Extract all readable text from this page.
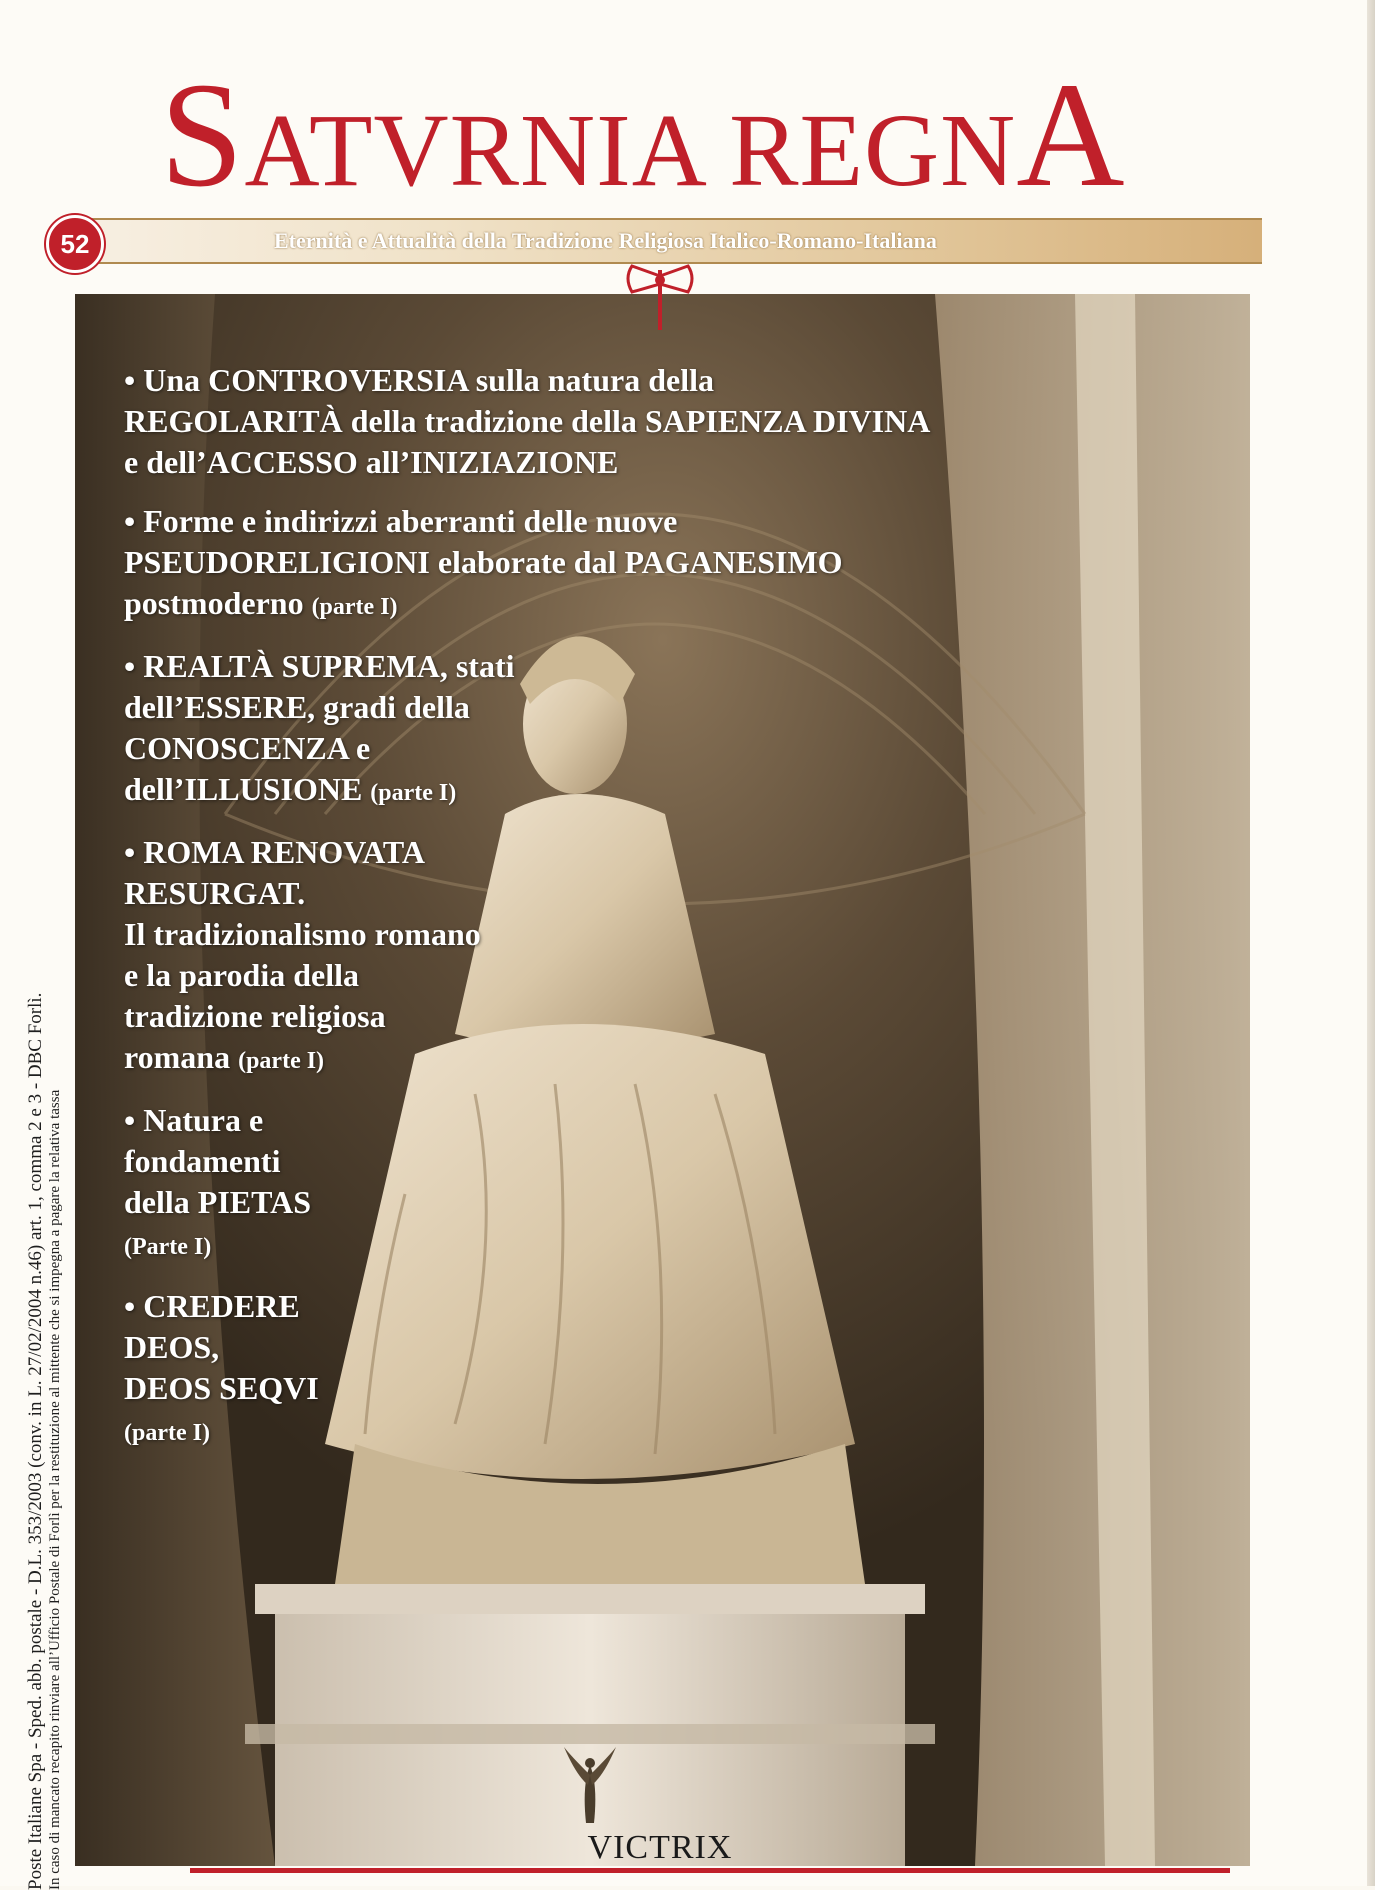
SATVRNIA REGNA
Eternità e Attualità della Tradizione Religiosa Italico-Romano-Italiana
52

• Una CONTROVERSIA sulla natura della

REGOLARITÀ della tradizione della SAPIENZA DIVINA

e dell’ACCESSO all’INIZIAZIONE

• Forme e indirizzi aberranti delle nuove

PSEUDORELIGIONI elaborate dal PAGANESIMO

postmoderno (parte I)

• REALTÀ SUPREMA, stati

dell’ESSERE, gradi della

CONOSCENZA e

dell’ILLUSIONE (parte I)

• ROMA RENOVATA

RESURGAT.

Il tradizionalismo romano

e la parodia della

tradizione religiosa

romana (parte I)

• Natura e

fondamenti

della PIETAS

(Parte I)

• CREDERE

DEOS,

DEOS SEQVI

(parte I)

Poste Italiane Spa - Sped. abb. postale - D.L. 353/2003 (conv. in L. 27/02/2004 n.46) art. 1, comma 2 e 3 - DBC Forlì. In caso di mancato recapito rinviare all’Ufficio Postale di Forlì per la restituzione al mittente che si impegna a pagare la relativa tassa	VICTRIX
